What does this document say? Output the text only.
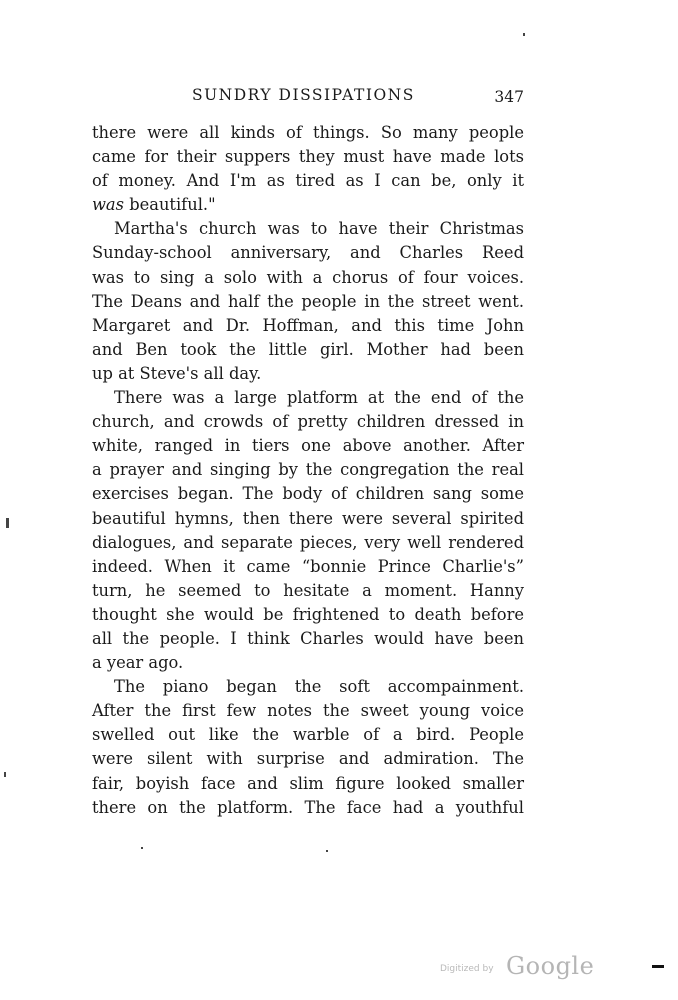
SUNDRY DISSIPATIONS	347
there were all kinds of things. So many people
came for their suppers they must have made lots
of money. And I'm as tired as I can be, only it
was beautiful."
Martha's church was to have their Christmas
Sunday-school anniversary, and Charles Reed
was to sing a solo with a chorus of four voices.
The Deans and half the people in the street went.
Margaret and Dr. Hoffman, and this time John
and Ben took the little girl. Mother had been
up at Steve's all day.
There was a large platform at the end of the
church, and crowds of pretty children dressed in
white, ranged in tiers one above another. After
a prayer and singing by the congregation the real
exercises began. The body of children sang some
beautiful hymns, then there were several spirited
dialogues, and separate pieces, very well rendered
indeed. When it came “bonnie Prince Charlie's”
turn, he seemed to hesitate a moment. Hanny
thought she would be frightened to death before
all the people. I think Charles would have been
a year ago.
The piano began the soft accompainment.
After the first few notes the sweet young voice
swelled out like the warble of a bird. People
were silent with surprise and admiration. The
fair, boyish face and slim figure looked smaller
there on the platform. The face had a youthful
Digitized by Google
